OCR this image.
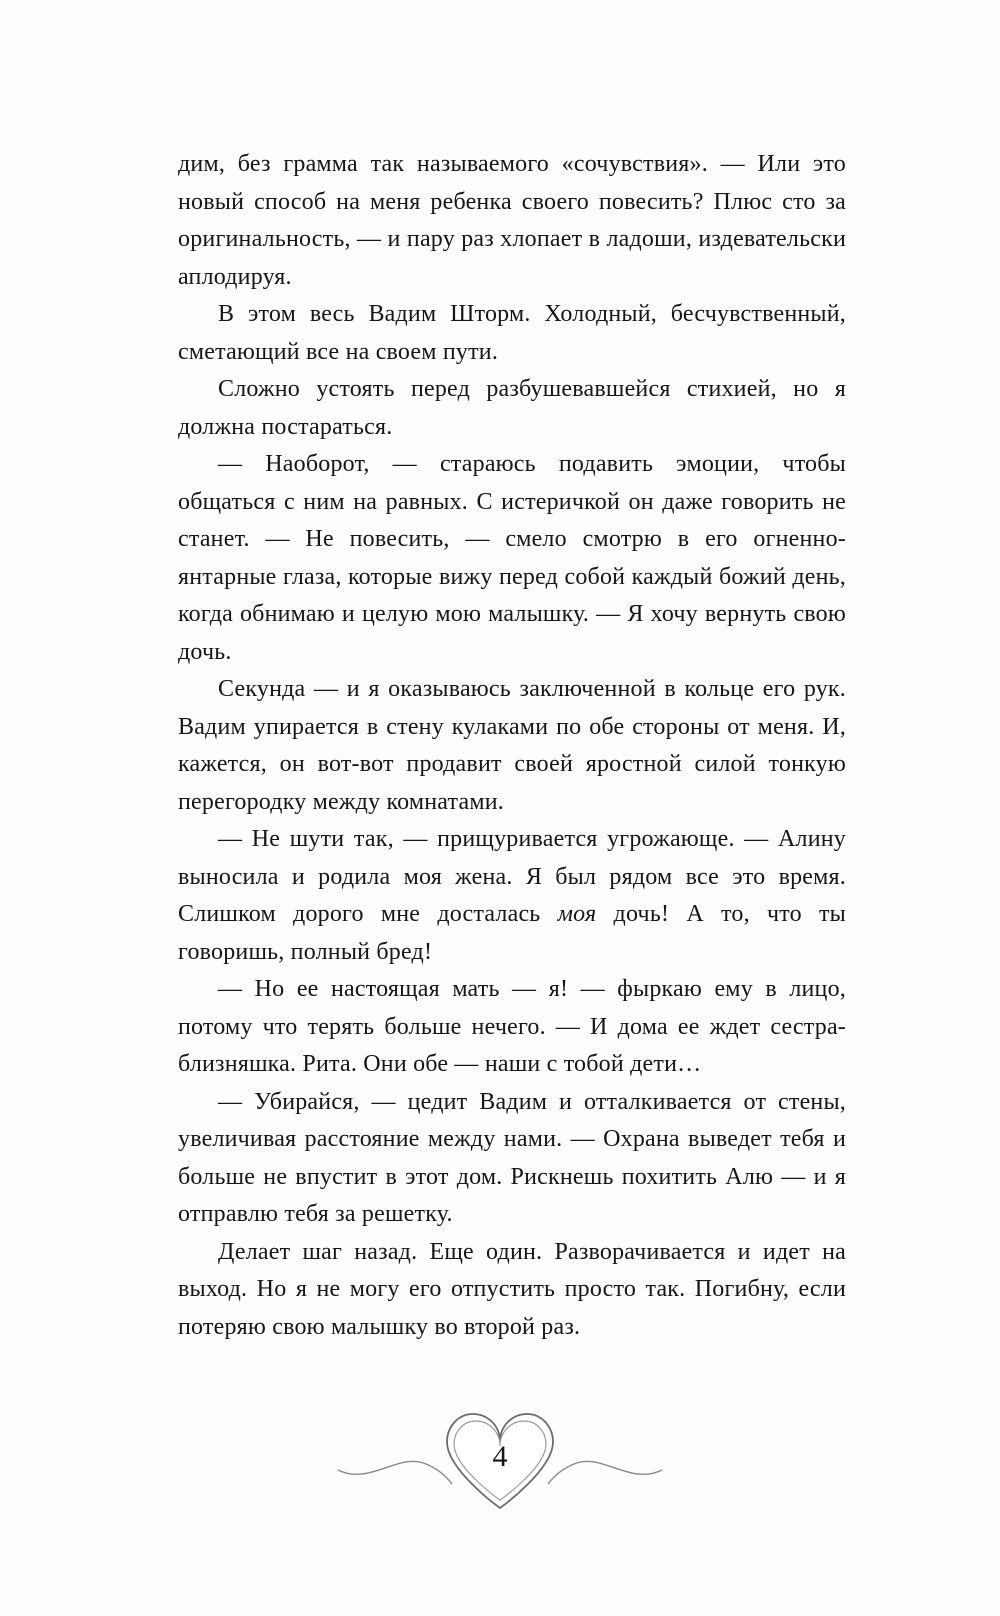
дим, без грамма так называемого «сочувствия». — Или это новый способ на меня ребенка своего повесить? Плюс сто за оригинальность, — и пару раз хлопает в ладоши, издевательски аплодируя.

В этом весь Вадим Шторм. Холодный, бесчувственный, сметающий все на своем пути.

Сложно устоять перед разбушевавшейся стихией, но я должна постараться.

— Наоборот, — стараюсь подавить эмоции, чтобы общаться с ним на равных. С истеричкой он даже говорить не станет. — Не повесить, — смело смотрю в его огненно-янтарные глаза, которые вижу перед собой каждый божий день, когда обнимаю и целую мою малышку. — Я хочу вернуть свою дочь.

Секунда — и я оказываюсь заключенной в кольце его рук. Вадим упирается в стену кулаками по обе стороны от меня. И, кажется, он вот-вот продавит своей яростной силой тонкую перегородку между комнатами.

— Не шути так, — прищуривается угрожающе. — Алину выносила и родила моя жена. Я был рядом все это время. Слишком дорого мне досталась моя дочь! А то, что ты говоришь, полный бред!

— Но ее настоящая мать — я! — фыркаю ему в лицо, потому что терять больше нечего. — И дома ее ждет сестра-близняшка. Рита. Они обе — наши с тобой дети…

— Убирайся, — цедит Вадим и отталкивается от стены, увеличивая расстояние между нами. — Охрана выведет тебя и больше не впустит в этот дом. Рискнешь похитить Алю — и я отправлю тебя за решетку.

Делает шаг назад. Еще один. Разворачивается и идет на выход. Но я не могу его отпустить просто так. Погибну, если потеряю свою малышку во второй раз.

4
